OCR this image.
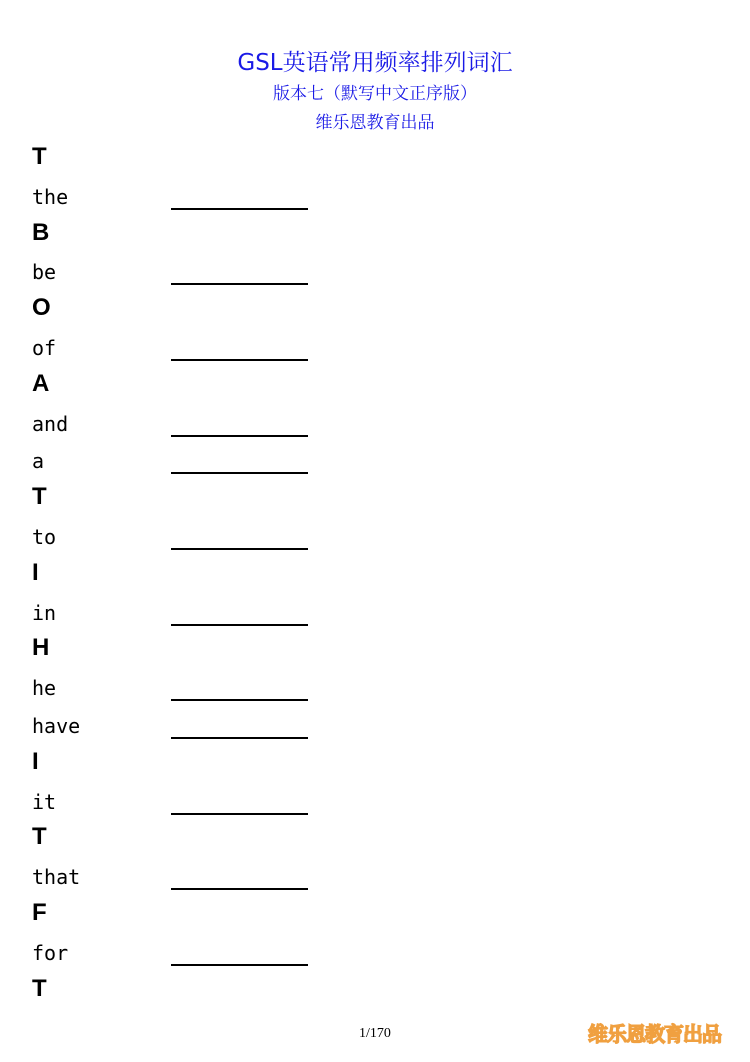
GSL英语常用频率排列词汇
版本七（默写中文正序版）
维乐恩教育出品
T
the
B
be
O
of
A
and
a
T
to
I
in
H
he
have
I
it
T
that
F
for
T
1/170	维乐恩教育出品
